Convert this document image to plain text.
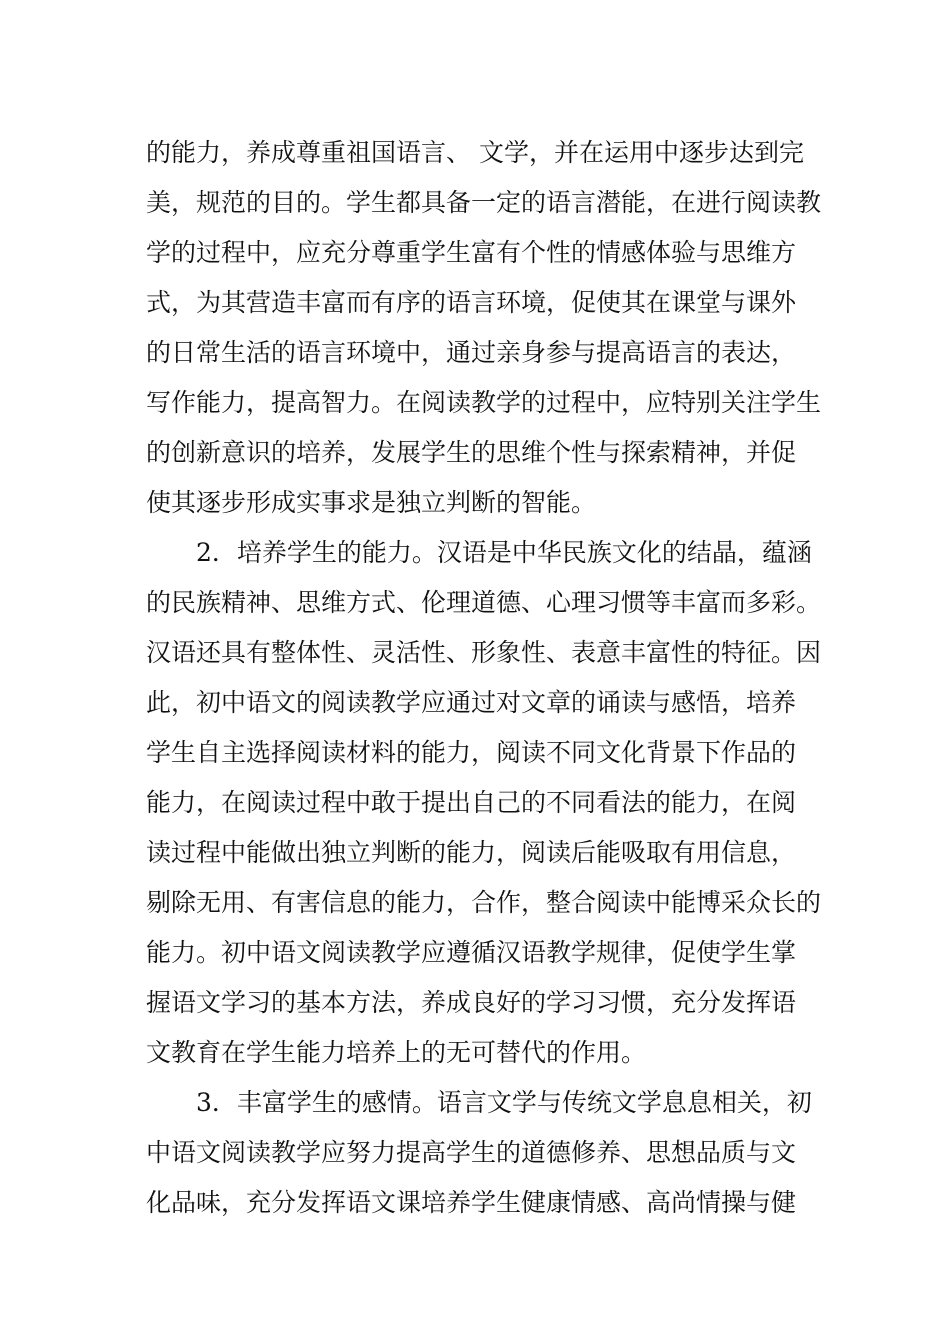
的能力，养成尊重祖国语言、 文学，并在运用中逐步达到完
美，规范的目的。学生都具备一定的语言潜能，在进行阅读教
学的过程中，应充分尊重学生富有个性的情感体验与思维方
式，为其营造丰富而有序的语言环境，促使其在课堂与课外
的日常生活的语言环境中，通过亲身参与提高语言的表达，
写作能力，提高智力。在阅读教学的过程中，应特别关注学生
的创新意识的培养，发展学生的思维个性与探索精神，并促
使其逐步形成实事求是独立判断的智能。
2．培养学生的能力。汉语是中华民族文化的结晶，蕴涵
的民族精神、思维方式、伦理道德、心理习惯等丰富而多彩。
汉语还具有整体性、灵活性、形象性、表意丰富性的特征。因
此，初中语文的阅读教学应通过对文章的诵读与感悟，培养
学生自主选择阅读材料的能力，阅读不同文化背景下作品的
能力，在阅读过程中敢于提出自己的不同看法的能力，在阅
读过程中能做出独立判断的能力，阅读后能吸取有用信息，
剔除无用、有害信息的能力，合作，整合阅读中能博采众长的
能力。初中语文阅读教学应遵循汉语教学规律，促使学生掌
握语文学习的基本方法，养成良好的学习习惯，充分发挥语
文教育在学生能力培养上的无可替代的作用。
3．丰富学生的感情。语言文学与传统文学息息相关，初
中语文阅读教学应努力提高学生的道德修养、思想品质与文
化品味，充分发挥语文课培养学生健康情感、高尚情操与健
